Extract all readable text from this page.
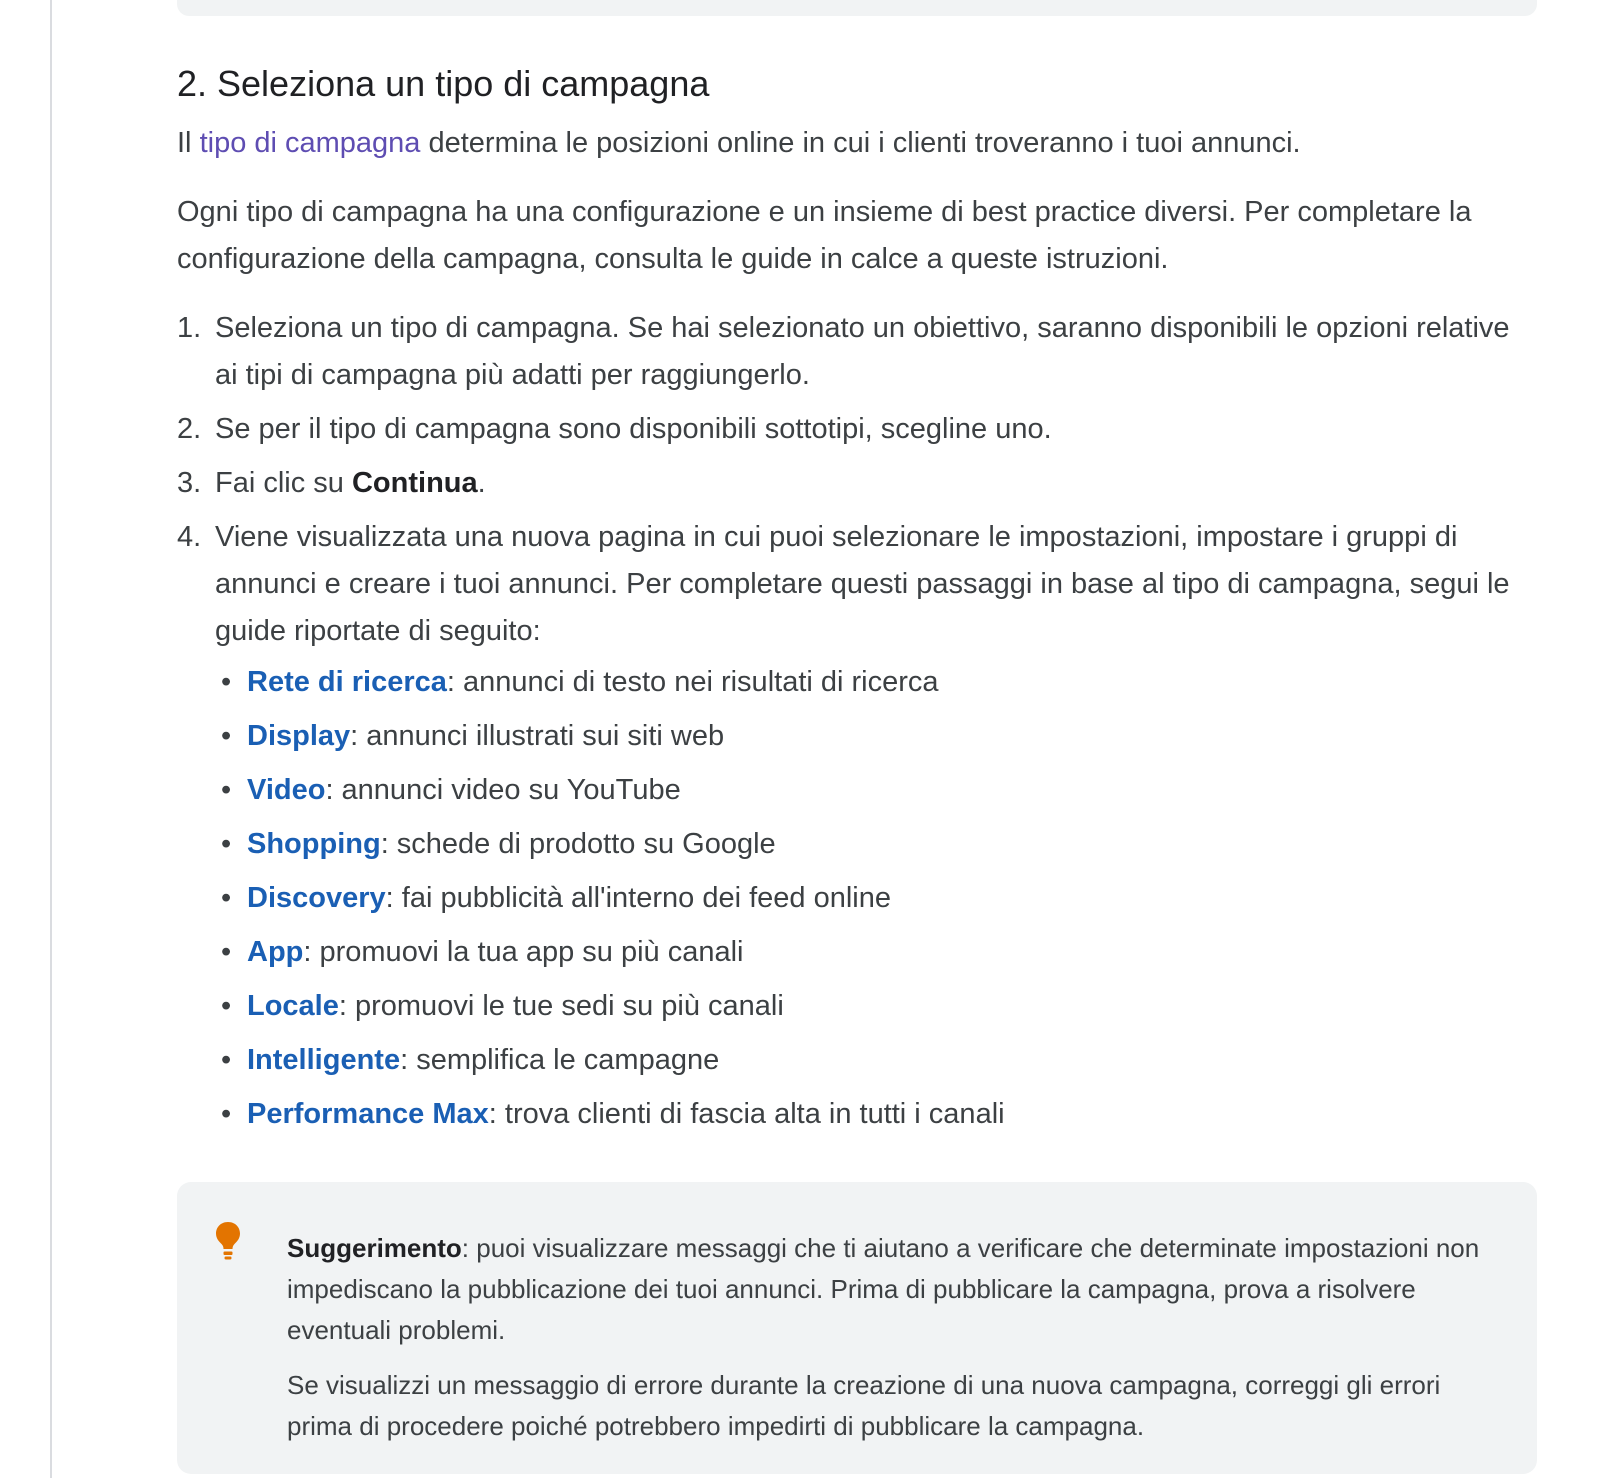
2. Seleziona un tipo di campagna

Il tipo di campagna determina le posizioni online in cui i clienti troveranno i tuoi annunci.

Ogni tipo di campagna ha una configurazione e un insieme di best practice diversi. Per completare la configurazione della campagna, consulta le guide in calce a queste istruzioni.

1. Seleziona un tipo di campagna. Se hai selezionato un obiettivo, saranno disponibili le opzioni relative ai tipi di campagna più adatti per raggiungerlo.
2. Se per il tipo di campagna sono disponibili sottotipi, scegline uno.
3. Fai clic su Continua.
4. Viene visualizzata una nuova pagina in cui puoi selezionare le impostazioni, impostare i gruppi di annunci e creare i tuoi annunci. Per completare questi passaggi in base al tipo di campagna, segui le guide riportate di seguito:
• Rete di ricerca: annunci di testo nei risultati di ricerca
• Display: annunci illustrati sui siti web
• Video: annunci video su YouTube
• Shopping: schede di prodotto su Google
• Discovery: fai pubblicità all'interno dei feed online
• App: promuovi la tua app su più canali
• Locale: promuovi le tue sedi su più canali
• Intelligente: semplifica le campagne
• Performance Max: trova clienti di fascia alta in tutti i canali

Suggerimento: puoi visualizzare messaggi che ti aiutano a verificare che determinate impostazioni non impediscano la pubblicazione dei tuoi annunci. Prima di pubblicare la campagna, prova a risolvere eventuali problemi.

Se visualizzi un messaggio di errore durante la creazione di una nuova campagna, correggi gli errori prima di procedere poiché potrebbero impedirti di pubblicare la campagna.
